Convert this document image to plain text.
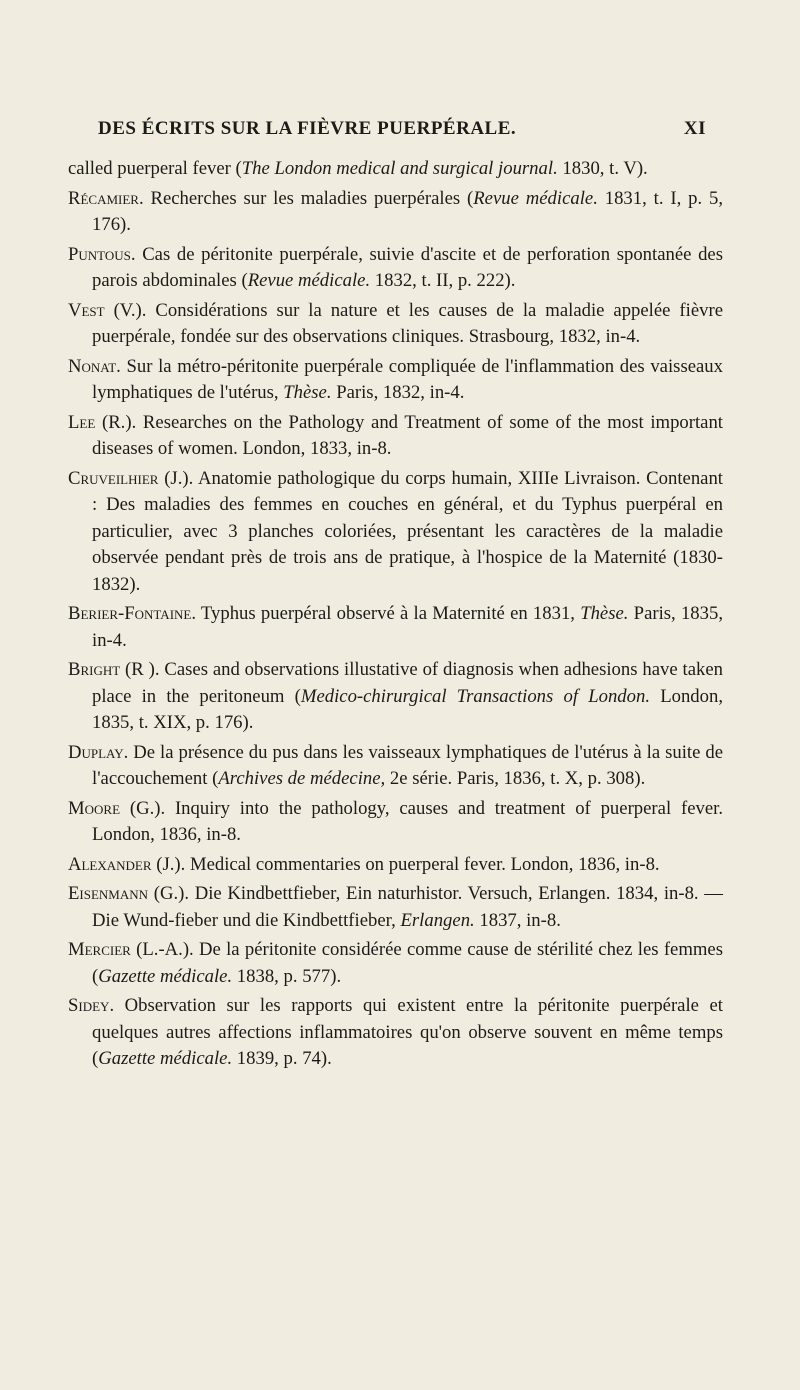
DES ÉCRITS SUR LA FIÈVRE PUERPÉRALE.	XI

called puerperal fever (The London medical and surgical journal. 1830, t. V).

Récamier. Recherches sur les maladies puerpérales (Revue médicale. 1831, t. I, p. 5, 176).

Puntous. Cas de péritonite puerpérale, suivie d'ascite et de perforation spontanée des parois abdominales (Revue médicale. 1832, t. II, p. 222).

Vest (V.). Considérations sur la nature et les causes de la maladie appelée fièvre puerpérale, fondée sur des observations cliniques. Strasbourg, 1832, in-4.

Nonat. Sur la métro-péritonite puerpérale compliquée de l'inflammation des vaisseaux lymphatiques de l'utérus, Thèse. Paris, 1832, in-4.

Lee (R.). Researches on the Pathology and Treatment of some of the most important diseases of women. London, 1833, in-8.

Cruveilhier (J.). Anatomie pathologique du corps humain, XIIIe Livraison. Contenant : Des maladies des femmes en couches en général, et du Typhus puerpéral en particulier, avec 3 planches coloriées, présentant les caractères de la maladie observée pendant près de trois ans de pratique, à l'hospice de la Maternité (1830-1832).

Berier-Fontaine. Typhus puerpéral observé à la Maternité en 1831, Thèse. Paris, 1835, in-4.

Bright (R ). Cases and observations illustative of diagnosis when adhesions have taken place in the peritoneum (Medico-chirurgical Transactions of London. London, 1835, t. XIX, p. 176).

Duplay. De la présence du pus dans les vaisseaux lymphatiques de l'utérus à la suite de l'accouchement (Archives de médecine, 2e série. Paris, 1836, t. X, p. 308).

Moore (G.). Inquiry into the pathology, causes and treatment of puerperal fever. London, 1836, in-8.

Alexander (J.). Medical commentaries on puerperal fever. London, 1836, in-8.

Eisenmann (G.). Die Kindbettfieber, Ein naturhistor. Versuch, Erlangen. 1834, in-8. — Die Wund-fieber und die Kindbettfieber, Erlangen. 1837, in-8.

Mercier (L.-A.). De la péritonite considérée comme cause de stérilité chez les femmes (Gazette médicale. 1838, p. 577).

Sidey. Observation sur les rapports qui existent entre la péritonite puerpérale et quelques autres affections inflammatoires qu'on observe souvent en même temps (Gazette médicale. 1839, p. 74).
